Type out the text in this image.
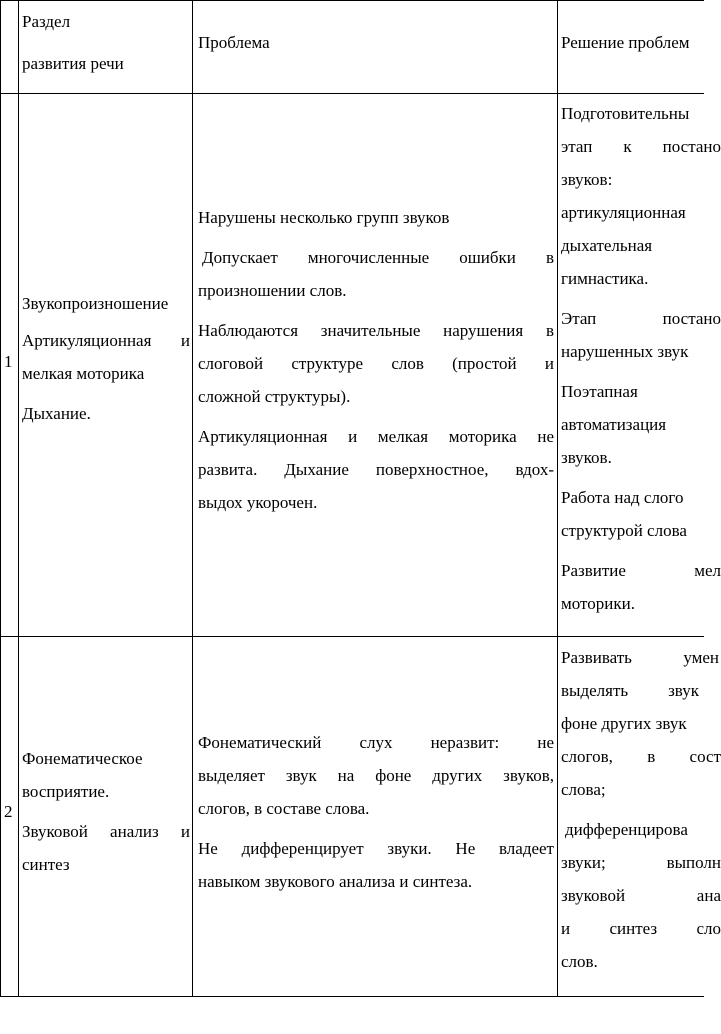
Раздел
развития речи
Проблема	Решение проблем
1
Звукопроизношение
Артикуляционная и
мелкая моторика
Дыхание.
Нарушены несколько групп звуков
Допускает многочисленные ошибки в
произношении слов.
Наблюдаются значительные нарушения в
слоговой структуре слов (простой и
сложной структуры).
Артикуляционная и мелкая моторика не
развита. Дыхание поверхностное, вдох-
выдох укорочен.
Подготовительны
этап к постано
звуков:
артикуляционная
дыхательная
гимнастика.
Этап постано
нарушенных звук
Поэтапная
автоматизация
звуков.
Работа над слого
структурой слова
Развитие мел
моторики.
2
Фонематическое
восприятие.
Звуковой анализ и
синтез
Фонематический слух неразвит: не
выделяет звук на фоне других звуков,
слогов, в составе слова.
Не дифференцирует звуки. Не владеет
навыком звукового анализа и синтеза.
Развивать умен
выделять звук
фоне других звук
слогов, в сост
слова;
дифференцирова
звуки; выполн
звуковой ана
и синтез сло
слов.
